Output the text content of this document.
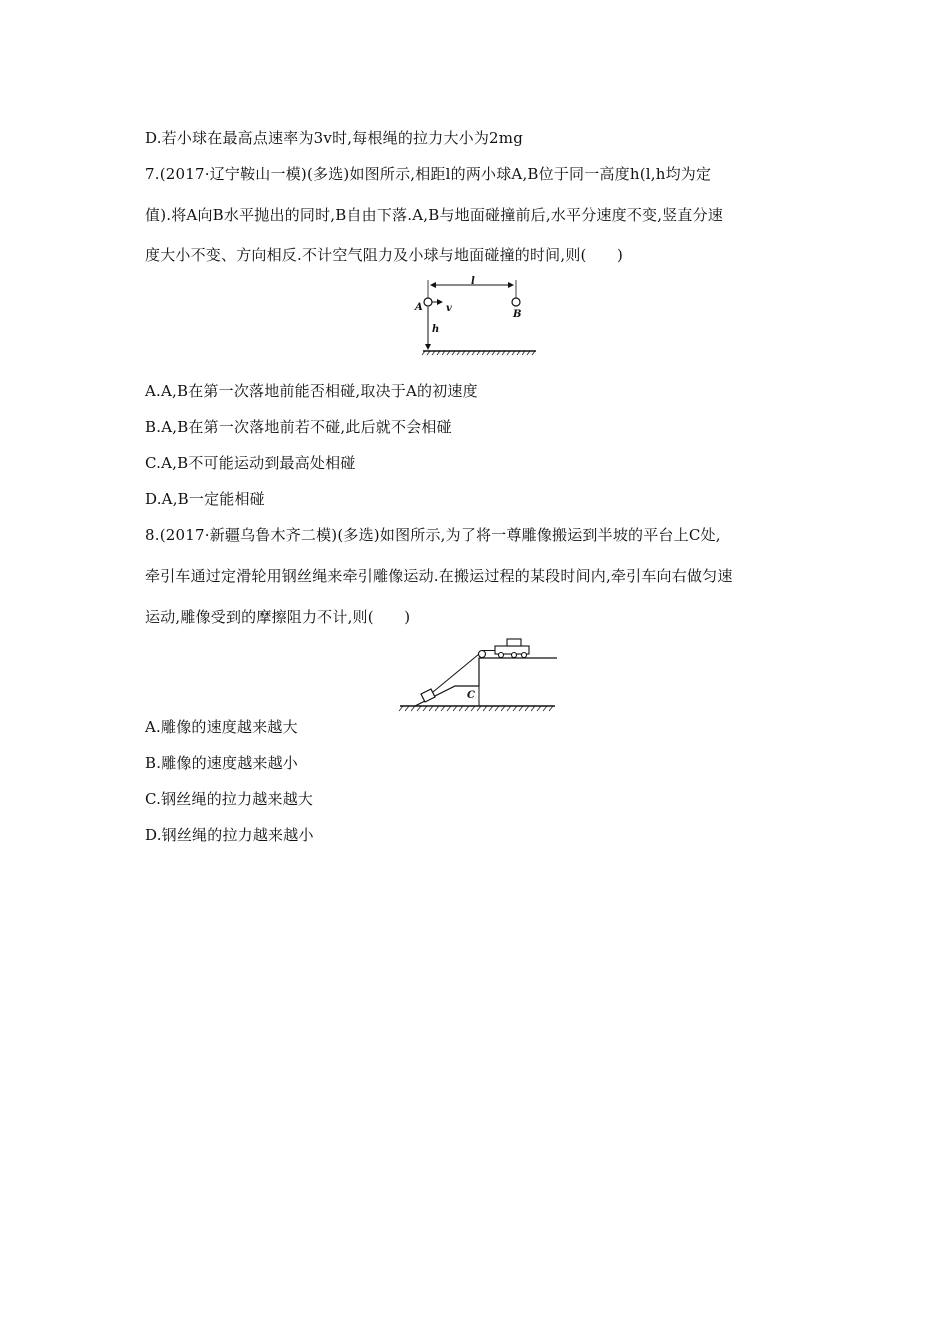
D.若小球在最高点速率为3v时,每根绳的拉力大小为2mg
7.(2017·辽宁鞍山一模)(多选)如图所示,相距l的两小球A,B位于同一高度h(l,h均为定
值).将A向B水平抛出的同时,B自由下落.A,B与地面碰撞前后,水平分速度不变,竖直分速
度大小不变、方向相反.不计空气阻力及小球与地面碰撞的时间,则(　　)
l
A v
B
h
A.A,B在第一次落地前能否相碰,取决于A的初速度
B.A,B在第一次落地前若不碰,此后就不会相碰
C.A,B不可能运动到最高处相碰
D.A,B一定能相碰
8.(2017·新疆乌鲁木齐二模)(多选)如图所示,为了将一尊雕像搬运到半坡的平台上C处,
牵引车通过定滑轮用钢丝绳来牵引雕像运动.在搬运过程的某段时间内,牵引车向右做匀速
运动,雕像受到的摩擦阻力不计,则(　　)
C
A.雕像的速度越来越大
B.雕像的速度越来越小
C.钢丝绳的拉力越来越大
D.钢丝绳的拉力越来越小
